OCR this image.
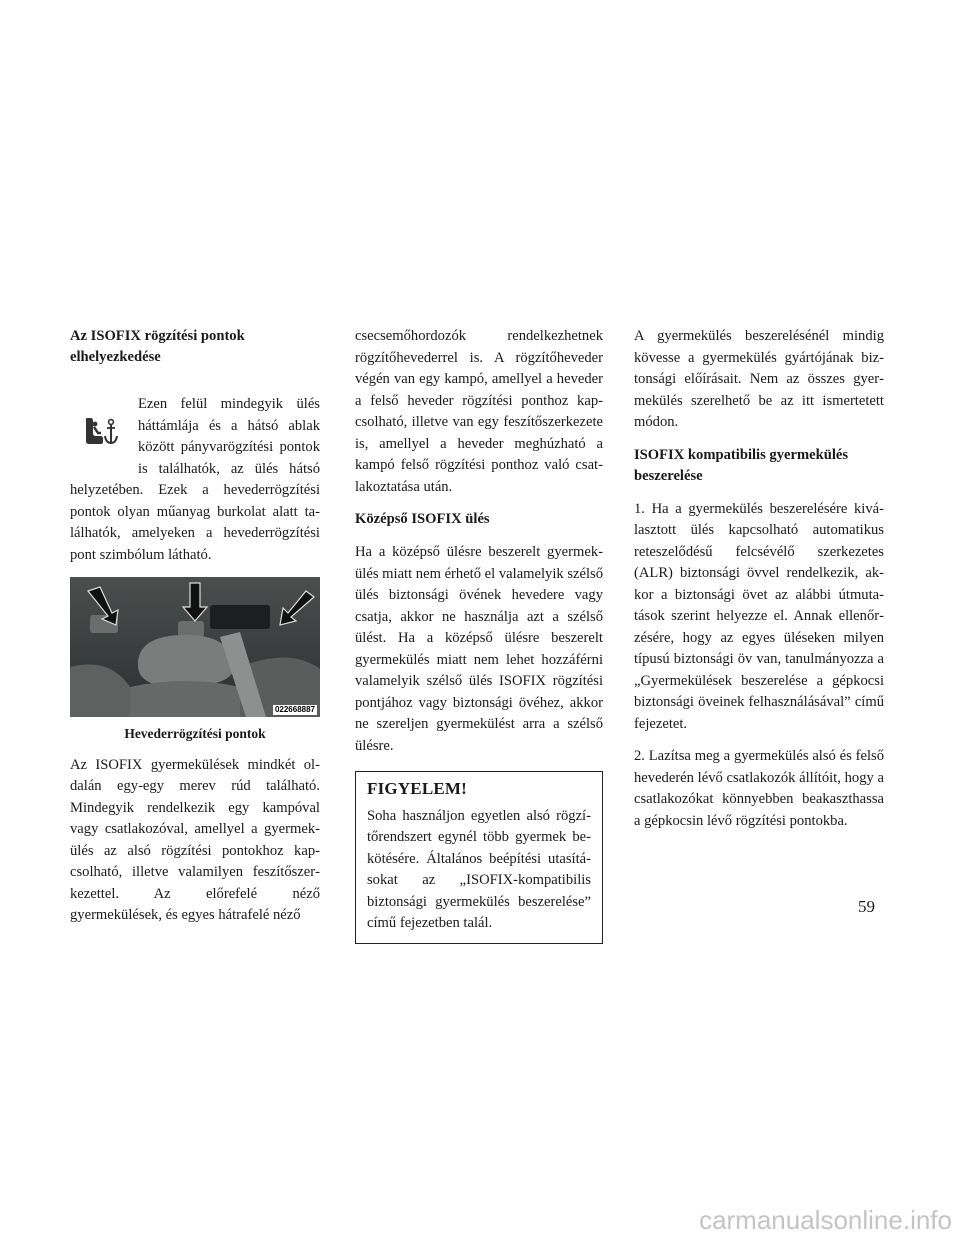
Az ISOFIX rögzítési pontok elhelyezkedése

Ezen felül mindegyik ülés háttámlája és a hátsó ablak között pányvarögzítési pontok is találhatók, az ülés hátsó helyzetében. Ezek a hevederrögzítési pontok olyan műanyag burkolat alatt találhatók, amelyeken a hevederrögzítési pont szimbólum látható.

022668887
Hevederrögzítési pontok

Az ISOFIX gyermekülések mindkét oldalán egy-egy merev rúd található. Mindegyik rendelkezik egy kampóval vagy csatlakozóval, amellyel a gyermekülés az alsó rögzítési pontokhoz kapcsolható, illetve valamilyen feszítőszerkezettel. Az előrefelé néző gyermekülések, és egyes hátrafelé néző

csecsemőhordozók rendelkezhetnek rögzítőhevederrel is. A rögzítőheveder végén van egy kampó, amellyel a heveder a felső heveder rögzítési ponthoz kapcsolható, illetve van egy feszítőszerkezete is, amellyel a heveder meghúzható a kampó felső rögzítési ponthoz való csatlakoztatása után.

Középső ISOFIX ülés

Ha a középső ülésre beszerelt gyermekülés miatt nem érhető el valamelyik szélső ülés biztonsági övének hevedere vagy csatja, akkor ne használja azt a szélső ülést. Ha a középső ülésre beszerelt gyermekülés miatt nem lehet hozzáférni valamelyik szélső ülés ISOFIX rögzítési pontjához vagy biztonsági övéhez, akkor ne szereljen gyermekülést arra a szélső ülésre.

FIGYELEM!

Soha használjon egyetlen alsó rögzítőrendszert egynél több gyermek bekötésére. Általános beépítési utasításokat az „ISOFIX-kompatibilis biztonsági gyermekülés beszerelése” című fejezetben talál.

A gyermekülés beszerelésénél mindig kövesse a gyermekülés gyártójának biztonsági előírásait. Nem az összes gyermekülés szerelhető be az itt ismertetett módon.

ISOFIX kompatibilis gyermekülés beszerelése

1. Ha a gyermekülés beszerelésére kiválasztott ülés kapcsolható automatikus reteszelődésű felcsévélő szerkezetes (ALR) biztonsági övvel rendelkezik, akkor a biztonsági övet az alábbi útmutatások szerint helyezze el. Annak ellenőrzésére, hogy az egyes üléseken milyen típusú biztonsági öv van, tanulmányozza a „Gyermekülések beszerelése a gépkocsi biztonsági öveinek felhasználásával” című fejezetet.

2. Lazítsa meg a gyermekülés alsó és felső hevederén lévő csatlakozók állítóit, hogy a csatlakozókat könnyebben beakaszthassa a gépkocsin lévő rögzítési pontokba.

59
carmanualsonline.info
